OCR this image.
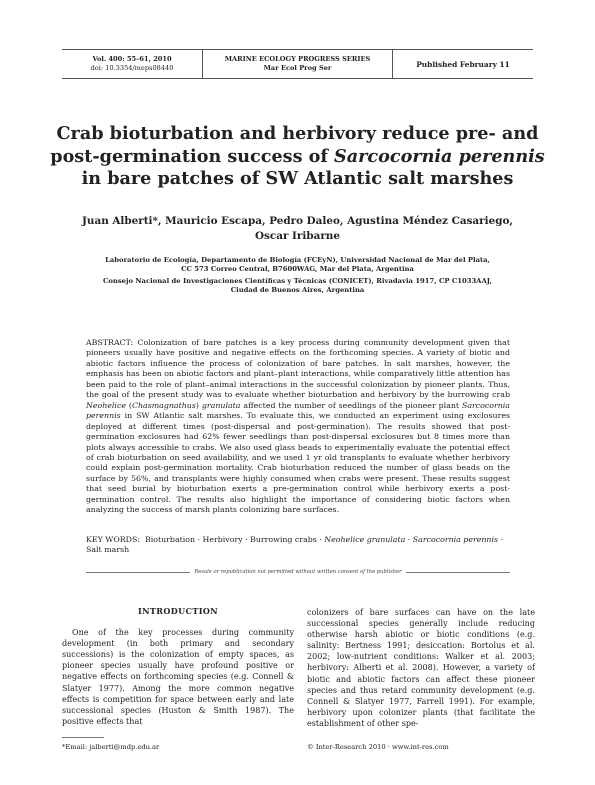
Vol. 400: 55–61, 2010
doi: 10.3354/meps08440
MARINE ECOLOGY PROGRESS SERIES
Mar Ecol Prog Ser	Published February 11
Crab bioturbation and herbivory reduce pre- and
post-germination success of Sarcocornia perennis
in bare patches of SW Atlantic salt marshes
Juan Alberti*, Mauricio Escapa, Pedro Daleo, Agustina Méndez Casariego,
Oscar Iribarne
Laboratorio de Ecología, Departamento de Biología (FCEyN), Universidad Nacional de Mar del Plata,
CC 573 Correo Central, B7600WAG, Mar del Plata, Argentina
Consejo Nacional de Investigaciones Científicas y Técnicas (CONICET), Rivadavia 1917, CP C1033AAJ,
Ciudad de Buenos Aires, Argentina
ABSTRACT: Colonization of bare patches is a key process during community development given that pioneers usually have positive and negative effects on the forthcoming species. A variety of biotic and abiotic factors influence the process of colonization of bare patches. In salt marshes, however, the emphasis has been on abiotic factors and plant–plant interactions, while comparatively little attention has been paid to the role of plant–animal interactions in the successful colonization by pioneer plants. Thus, the goal of the present study was to evaluate whether bioturbation and herbivory by the burrowing crab Neohelice (Chasmagnathus) granulata affected the number of seedlings of the pioneer plant Sarcocornia perennis in SW Atlantic salt marshes. To evaluate this, we conducted an experiment using exclosures deployed at different times (post-dispersal and post-germination). The results showed that post-germination exclosures had 62% fewer seedlings than post-dispersal exclosures but 8 times more than plots always accessible to crabs. We also used glass beads to experimentally evaluate the potential effect of crab bioturbation on seed availability, and we used 1 yr old transplants to evaluate whether herbivory could explain post-germination mortality. Crab bioturbation reduced the number of glass beads on the surface by 56%, and transplants were highly consumed when crabs were present. These results suggest that seed burial by bioturbation exerts a pre-germination control while herbivory exerts a post-germination control. The results also highlight the importance of considering biotic factors when analyzing the success of marsh plants colonizing bare surfaces.
KEY WORDS: Bioturbation · Herbivory · Burrowing crabs · Neohelice granulata · Sarcocornia perennis · Salt marsh
Resale or republication not permitted without written consent of the publisher
INTRODUCTION
One of the key processes during community development (in both primary and secondary successions) is the colonization of empty spaces, as pioneer species usually have profound positive or negative effects on forthcoming species (e.g. Connell & Slatyer 1977). Among the more common negative effects is competition for space between early and late successional species (Huston & Smith 1987). The positive effects that
colonizers of bare surfaces can have on the late successional species generally include reducing otherwise harsh abiotic or biotic conditions (e.g. salinity: Bertness 1991; desiccation: Bortolus et al. 2002; low-nutrient conditions: Walker et al. 2003; herbivory: Alberti et al. 2008). However, a variety of biotic and abiotic factors can affect these pioneer species and thus retard community development (e.g. Connell & Slatyer 1977, Farrell 1991). For example, herbivory upon colonizer plants (that facilitate the establishment of other spe-
*Email: jalberti@mdp.edu.ar	© Inter-Research 2010 · www.int-res.com
